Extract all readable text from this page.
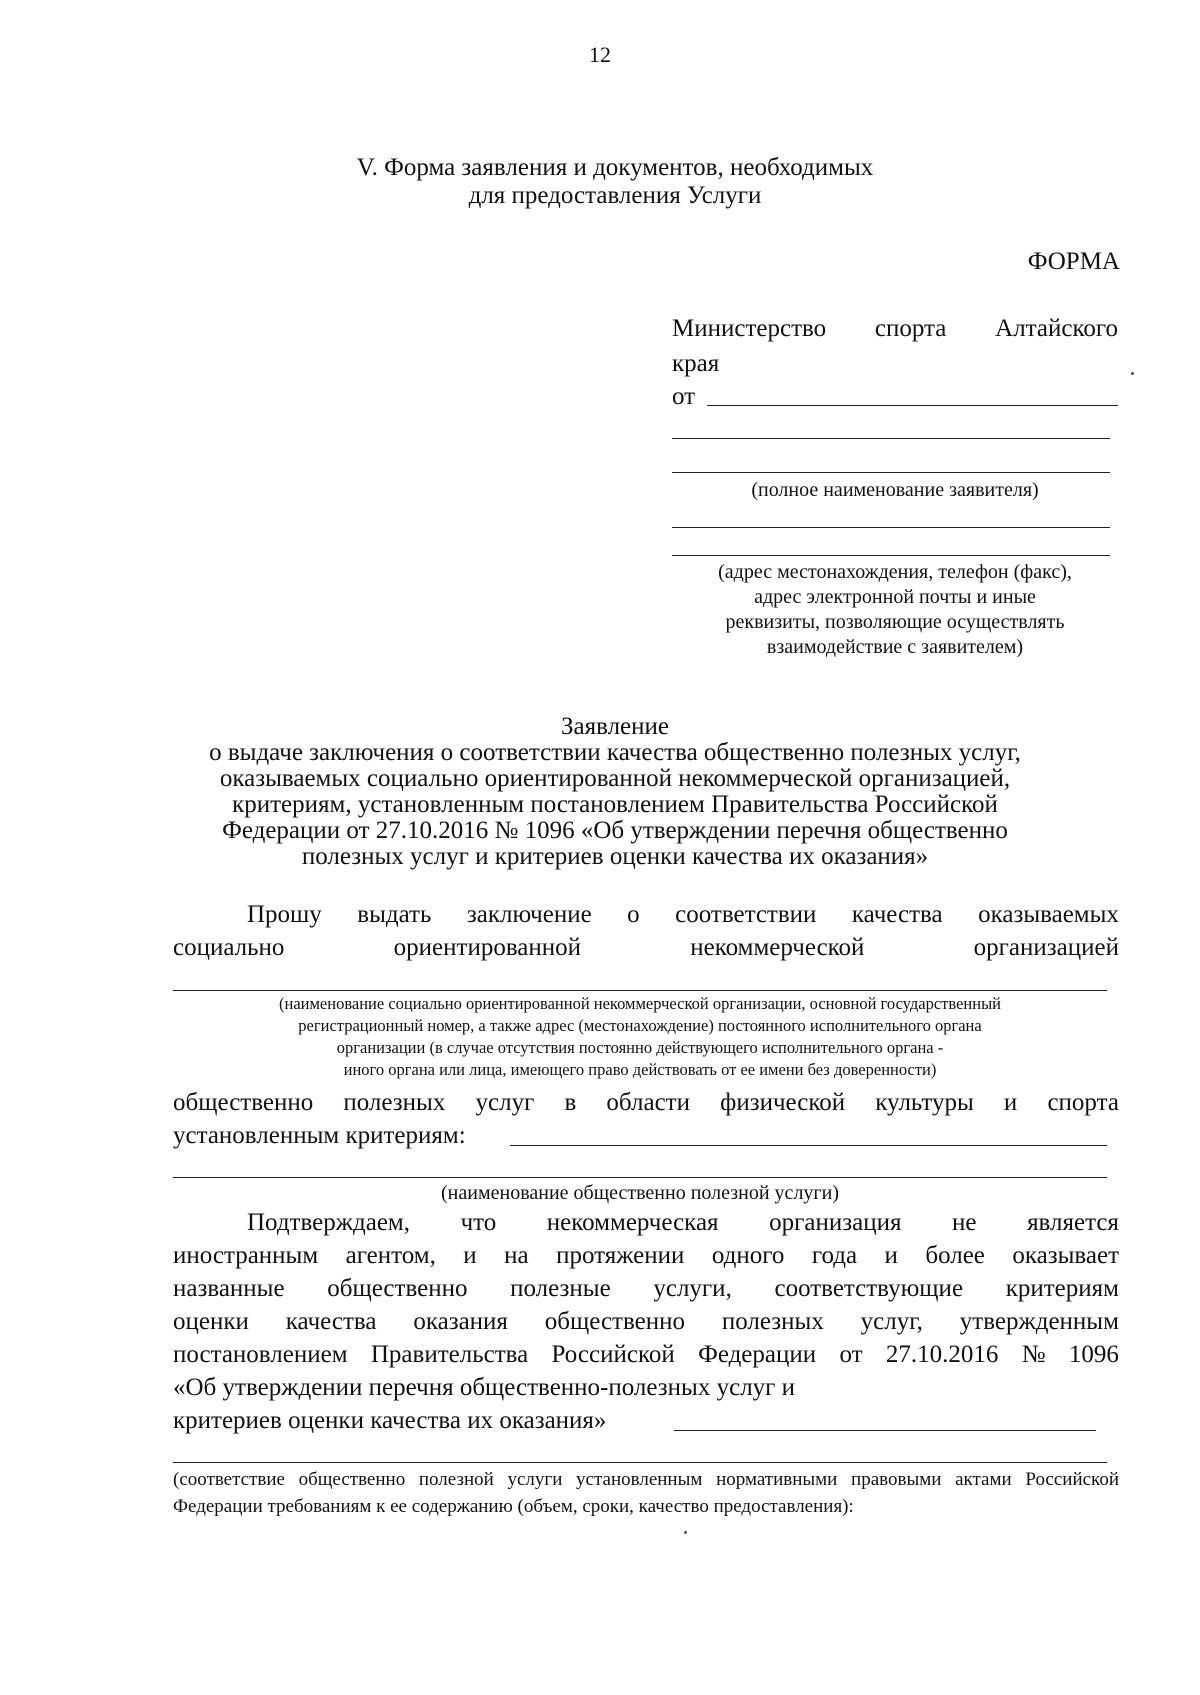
12
V. Форма заявления и документов, необходимых
для предоставления Услуги
ФОРМА
Министерство спорта Алтайского
края
от
(полное наименование заявителя)
(адрес местонахождения, телефон (факс),
адрес электронной почты и иные
реквизиты, позволяющие осуществлять
взаимодействие с заявителем)
Заявление
о выдаче заключения о соответствии качества общественно полезных услуг,
оказываемых социально ориентированной некоммерческой организацией,
критериям, установленным постановлением Правительства Российской
Федерации от 27.10.2016 № 1096 «Об утверждении перечня общественно
полезных услуг и критериев оценки качества их оказания»
Прошу выдать заключение о соответствии качества оказываемых
социально	ориентированной	некоммерческой	организацией
(наименование социально ориентированной некоммерческой организации, основной государственный
регистрационный номер, а также адрес (местонахождение) постоянного исполнительного органа
организации (в случае отсутствия постоянно действующего исполнительного органа -
иного органа или лица, имеющего право действовать от ее имени без доверенности)
общественно полезных услуг в области физической культуры и спорта
установленным критериям:
(наименование общественно полезной услуги)
Подтверждаем, что некоммерческая организация не является
иностранным агентом, и на протяжении одного года и более оказывает
названные общественно полезные услуги, соответствующие критериям
оценки качества оказания общественно полезных услуг, утвержденным
постановлением Правительства Российской Федерации от 27.10.2016 № 1096
«Об утверждении перечня общественно-полезных услуг и
критериев оценки качества их оказания»
(соответствие общественно полезной услуги установленным нормативными правовыми актами Российской Федерации требованиям к ее содержанию (объем, сроки, качество предоставления):
